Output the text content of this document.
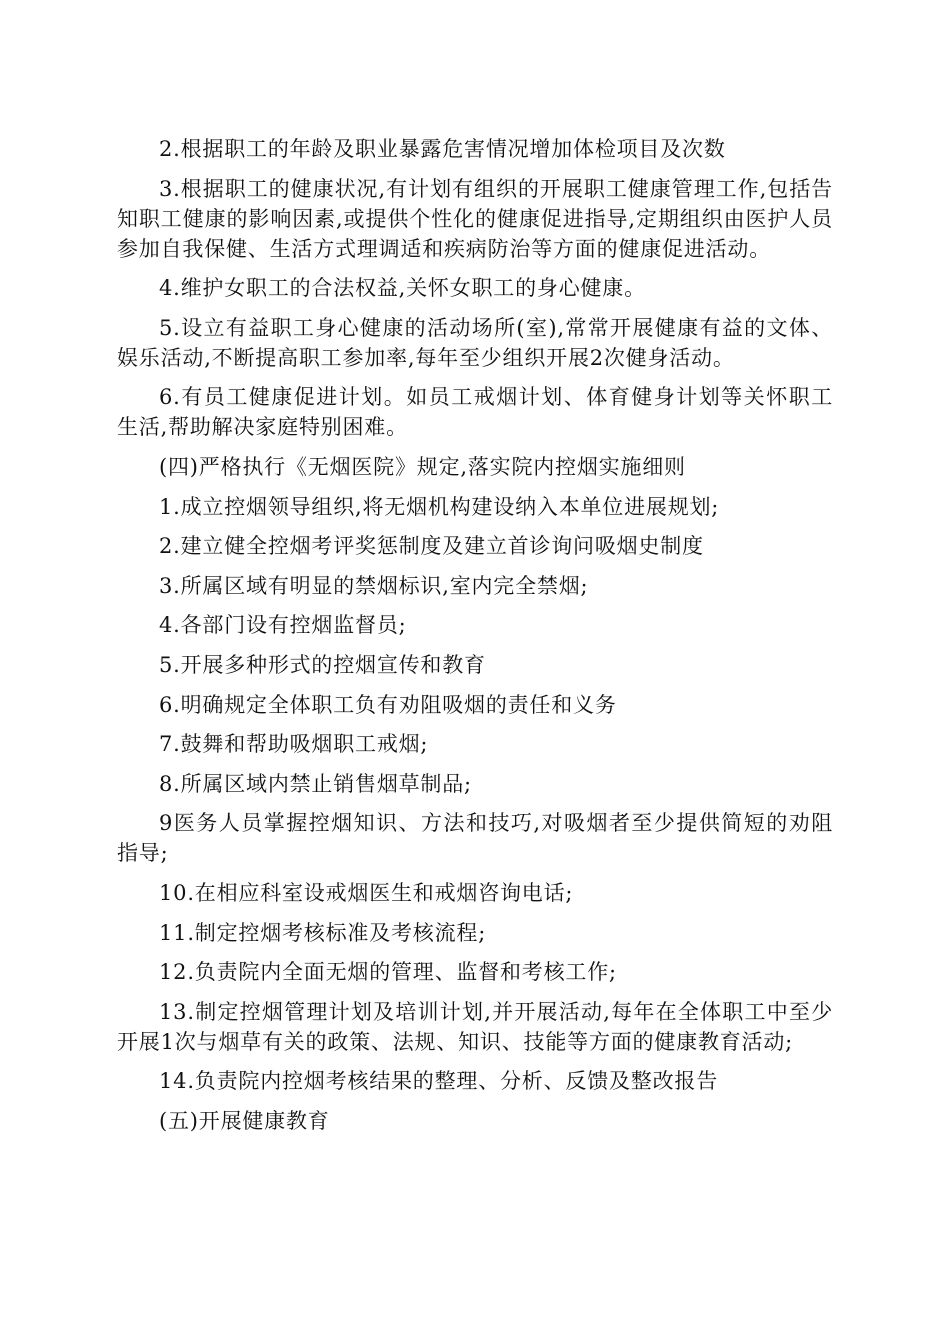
2.根据职工的年龄及职业暴露危害情况增加体检项目及次数

3.根据职工的健康状况,有计划有组织的开展职工健康管理工作,包括告知职工健康的影响因素,或提供个性化的健康促进指导,定期组织由医护人员参加自我保健、生活方式理调适和疾病防治等方面的健康促进活动。

4.维护女职工的合法权益,关怀女职工的身心健康。

5.设立有益职工身心健康的活动场所(室),常常开展健康有益的文体、娱乐活动,不断提高职工参加率,每年至少组织开展2次健身活动。

6.有员工健康促进计划。如员工戒烟计划、体育健身计划等关怀职工生活,帮助解决家庭特别困难。

(四)严格执行《无烟医院》规定,落实院内控烟实施细则

1.成立控烟领导组织,将无烟机构建设纳入本单位进展规划;

2.建立健全控烟考评奖惩制度及建立首诊询问吸烟史制度

3.所属区域有明显的禁烟标识,室内完全禁烟;

4.各部门设有控烟监督员;

5.开展多种形式的控烟宣传和教育

6.明确规定全体职工负有劝阻吸烟的责任和义务

7.鼓舞和帮助吸烟职工戒烟;

8.所属区域内禁止销售烟草制品;

9医务人员掌握控烟知识、方法和技巧,对吸烟者至少提供简短的劝阻指导;

10.在相应科室设戒烟医生和戒烟咨询电话;

11.制定控烟考核标准及考核流程;

12.负责院内全面无烟的管理、监督和考核工作;

13.制定控烟管理计划及培训计划,并开展活动,每年在全体职工中至少开展1次与烟草有关的政策、法规、知识、技能等方面的健康教育活动;

14.负责院内控烟考核结果的整理、分析、反馈及整改报告

(五)开展健康教育
